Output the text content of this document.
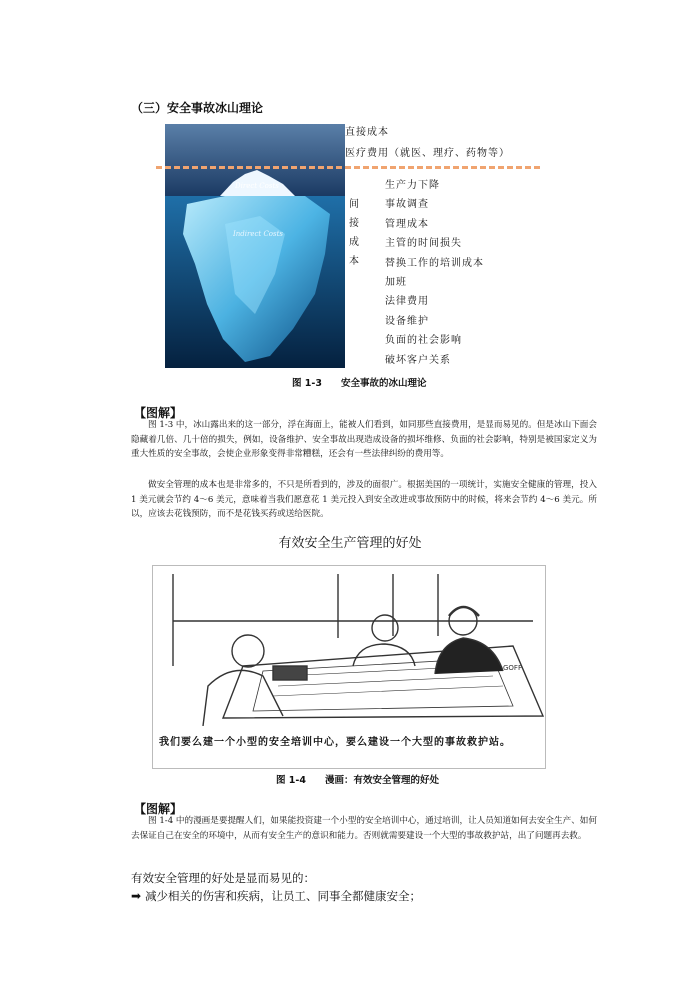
（三）安全事故冰山理论
Direct Costs
Indirect Costs
直接成本
医疗费用（就医、理疗、药物等）
间
接
成
本
生产力下降
事故调查
管理成本
主管的时间损失
替换工作的培训成本
加班
法律费用
设备维护
负面的社会影响
破坏客户关系
图 1-3　　安全事故的冰山理论
【图解】
图 1-3 中，冰山露出来的这一部分，浮在海面上，能被人们看到，如同那些直接费用，是显而易见的。但是冰山下面会隐藏着几倍、几十倍的损失，例如，设备维护、安全事故出现造成设备的损坏维修、负面的社会影响，特别是被国家定义为重大性质的安全事故，会使企业形象变得非常糟糕，还会有一些法律纠纷的费用等。
做安全管理的成本也是非常多的，不只是所看到的，涉及的面很广。根据美国的一项统计，实施安全健康的管理，投入 1 美元就会节约 4～6 美元，意味着当我们愿意花 1 美元投入到安全改进或事故预防中的时候，将来会节约 4～6 美元。所以，应该去花钱预防，而不是花钱买药或送给医院。
有效安全生产管理的好处
GOFF
我们要么建一个小型的安全培训中心，要么建设一个大型的事故救护站。
图 1-4　　漫画：有效安全管理的好处
【图解】
图 1-4 中的漫画是要提醒人们，如果能投资建一个小型的安全培训中心，通过培训，让人员知道如何去安全生产、如何去保证自己在安全的环境中，从而有安全生产的意识和能力。否则就需要建设一个大型的事故救护站，出了问题再去救。
有效安全管理的好处是显而易见的：
➡ 减少相关的伤害和疾病，让员工、同事全都健康安全；
